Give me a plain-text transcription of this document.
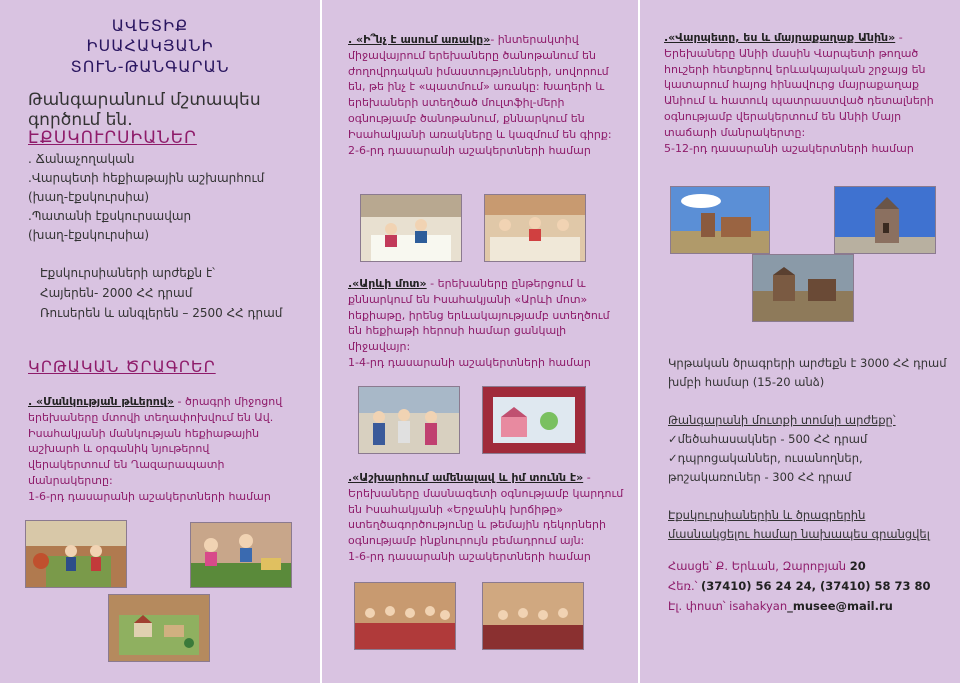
ԱՎԵՏԻՔ
ԻՍԱՀԱԿՅԱՆԻ
ՏՈՒՆ-ԹԱՆԳԱՐԱՆ
Թանգարանում մշտապես
գործում են.
ԷՔՍԿՈՒՐՍԻԱՆԵՐ
. Ճանաչողական
.Վարպետի հեքիաթային աշխարհում
(խաղ-էքսկուրսիա)
.Պատանի էքսկուրսավար
(խաղ-էքսկուրսիա)
Էքսկուրսիաների արժեքն է՝
Հայերեն- 2000 ՀՀ դրամ
Ռուսերեն և անգլերեն – 2500 ՀՀ դրամ
ԿՐԹԱԿԱՆ ԾՐԱԳՐԵՐ
. «Մանկության թևերով» - ծրագրի միջոցով երեխաները մտովի տեղափոխվում են Ավ. Իսահակյանի մանկության հեքիաթային աշխարհ և օրգանիկ նյութերով վերակերտում են Ղազարապատի մանրակերտը:
1-6-րդ դասարանի աշակերտների համար
. «Ի՞նչ է ասում առակը»- ինտերակտիվ միջավայրում երեխաները ծանոթանում են ժողովրդական իմաստությունների, սովորում են, թե ինչ է «պատմում» առակը: Խաղերի և երեխաների ստեղծած մուլտֆիլ-մերի օգնությամբ ծանոթանում, քննարկում են Իսահակյանի առակները և կազմում են գիրք:
2-6-րդ դասարանի աշակերտների համար
.«Արևի մոտ» - երեխաները ընթերցում և քննարկում են Իսահակյանի «Արևի մոտ» հեքիաթը, իրենց երևակայությամբ ստեղծում են հեքիաթի հերոսի համար ցանկալի միջավայր:
1-4-րդ դասարանի աշակերտների համար
.«Աշխարհում ամենալավ և իմ տունն է» - Երեխաները մասնագետի օգնությամբ կարդում են Իսահակյանի «Երջանիկ խրճիթը» ստեղծագործությունը և թեմային դեկորների օգնությամբ ինքնուրույն բեմադրում այն:
1-6-րդ դասարանի աշակերտների համար
.«Վարպետը, ես և մայրաքաղաք Անին» - Երեխաները Անիի մասին Վարպետի թողած հուշերի հետքերով երևակայական շրջայց են կատարում հայոց հինավուրց մայրաքաղաք Անիում և հատուկ պատրաստված դետալների օգնությամբ վերակերտում են Անիի Մայր տաճարի մանրակերտը:
5-12-րդ դասարանի աշակերտների համար
Կրթական ծրագրերի արժեքն է 3000 ՀՀ դրամ
խմբի համար (15-20 անձ)
Թանգարանի մուտքի տոմսի արժեքը՝
✓մեծահասակներ - 500 ՀՀ դրամ
✓դպրոցականներ, ուսանողներ,
թոշակառուներ - 300 ՀՀ դրամ
Էքսկուրսիաներին և ծրագրերին
մասնակցելու համար նախապես գրանցվել
Հասցե՝ Ք. Երևան, Զարոբյան 20
Հեռ.՝ (37410) 56 24 24, (37410) 58 73 80
Էլ. փոստ՝ isahakyan_musee@mail.ru
